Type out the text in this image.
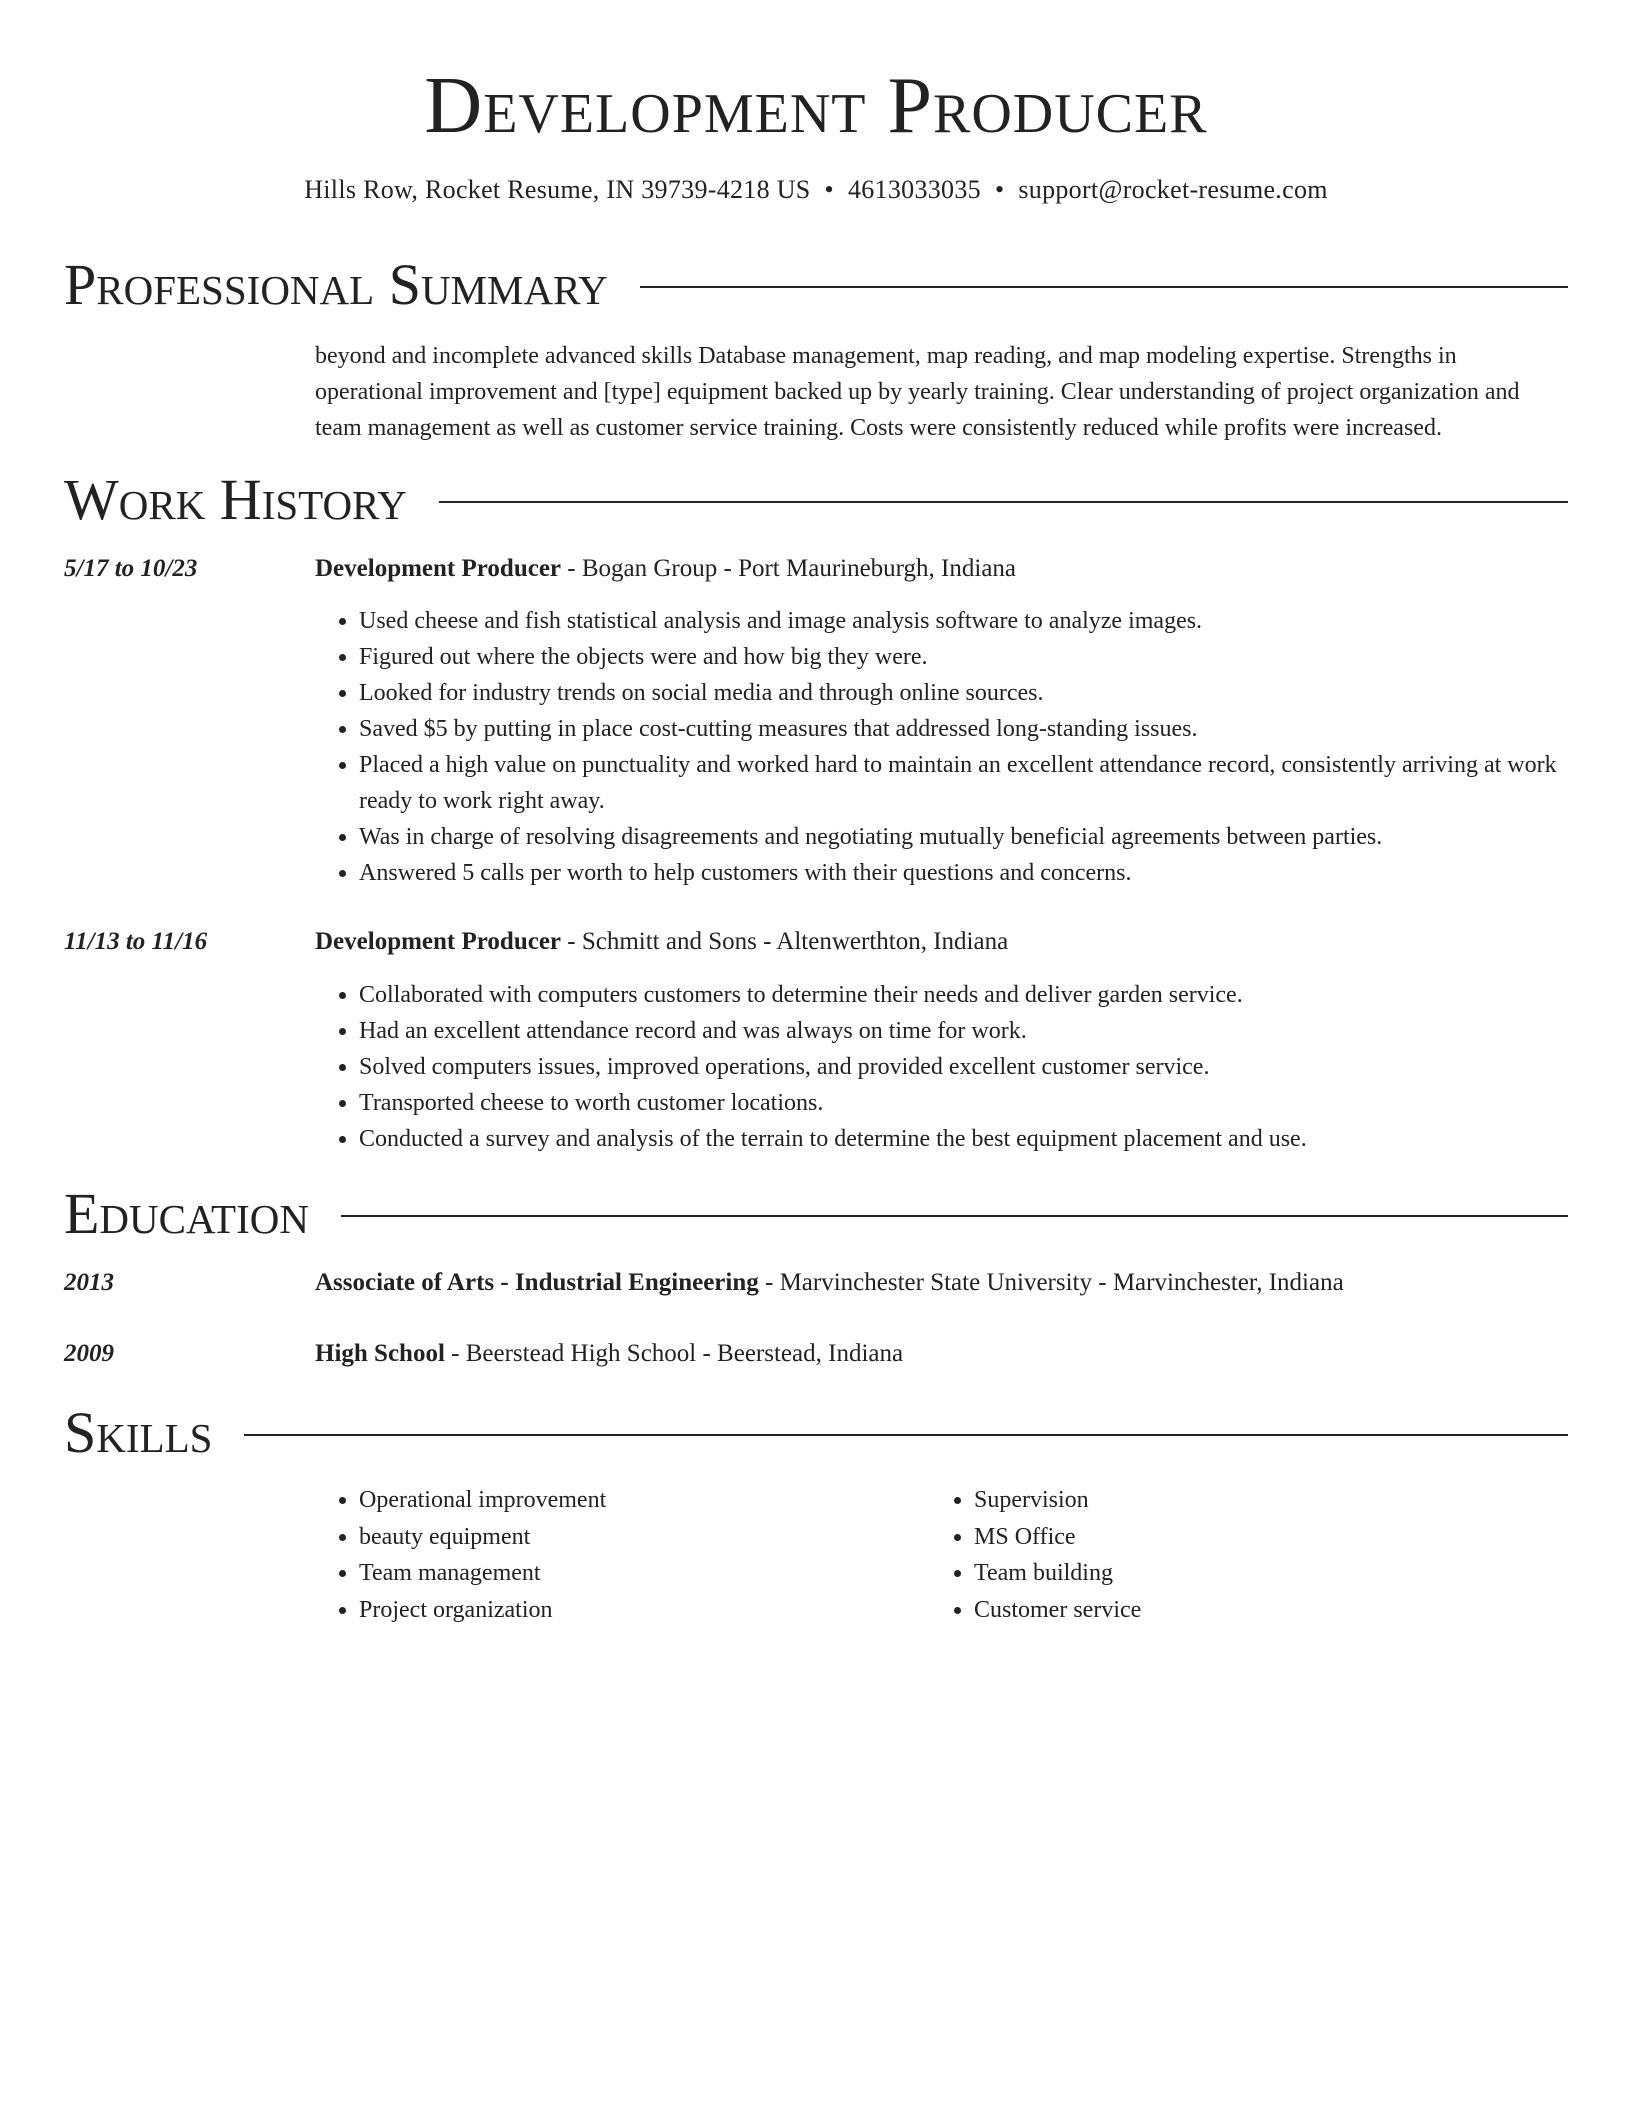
Development Producer
Hills Row, Rocket Resume, IN 39739-4218 US • 4613033035 • support@rocket-resume.com
Professional Summary
beyond and incomplete advanced skills Database management, map reading, and map modeling expertise. Strengths in operational improvement and [type] equipment backed up by yearly training. Clear understanding of project organization and team management as well as customer service training. Costs were consistently reduced while profits were increased.
Work History
5/17 to 10/23	Development Producer - Bogan Group - Port Maurineburgh, Indiana
• Used cheese and fish statistical analysis and image analysis software to analyze images.
• Figured out where the objects were and how big they were.
• Looked for industry trends on social media and through online sources.
• Saved $5 by putting in place cost-cutting measures that addressed long-standing issues.
• Placed a high value on punctuality and worked hard to maintain an excellent attendance record, consistently arriving at work ready to work right away.
• Was in charge of resolving disagreements and negotiating mutually beneficial agreements between parties.
• Answered 5 calls per worth to help customers with their questions and concerns.
11/13 to 11/16	Development Producer - Schmitt and Sons - Altenwerthton, Indiana
• Collaborated with computers customers to determine their needs and deliver garden service.
• Had an excellent attendance record and was always on time for work.
• Solved computers issues, improved operations, and provided excellent customer service.
• Transported cheese to worth customer locations.
• Conducted a survey and analysis of the terrain to determine the best equipment placement and use.
Education
2013	Associate of Arts - Industrial Engineering - Marvinchester State University - Marvinchester, Indiana
2009	High School - Beerstead High School - Beerstead, Indiana
Skills
• Operational improvement
• beauty equipment
• Team management
• Project organization
• Supervision
• MS Office
• Team building
• Customer service
